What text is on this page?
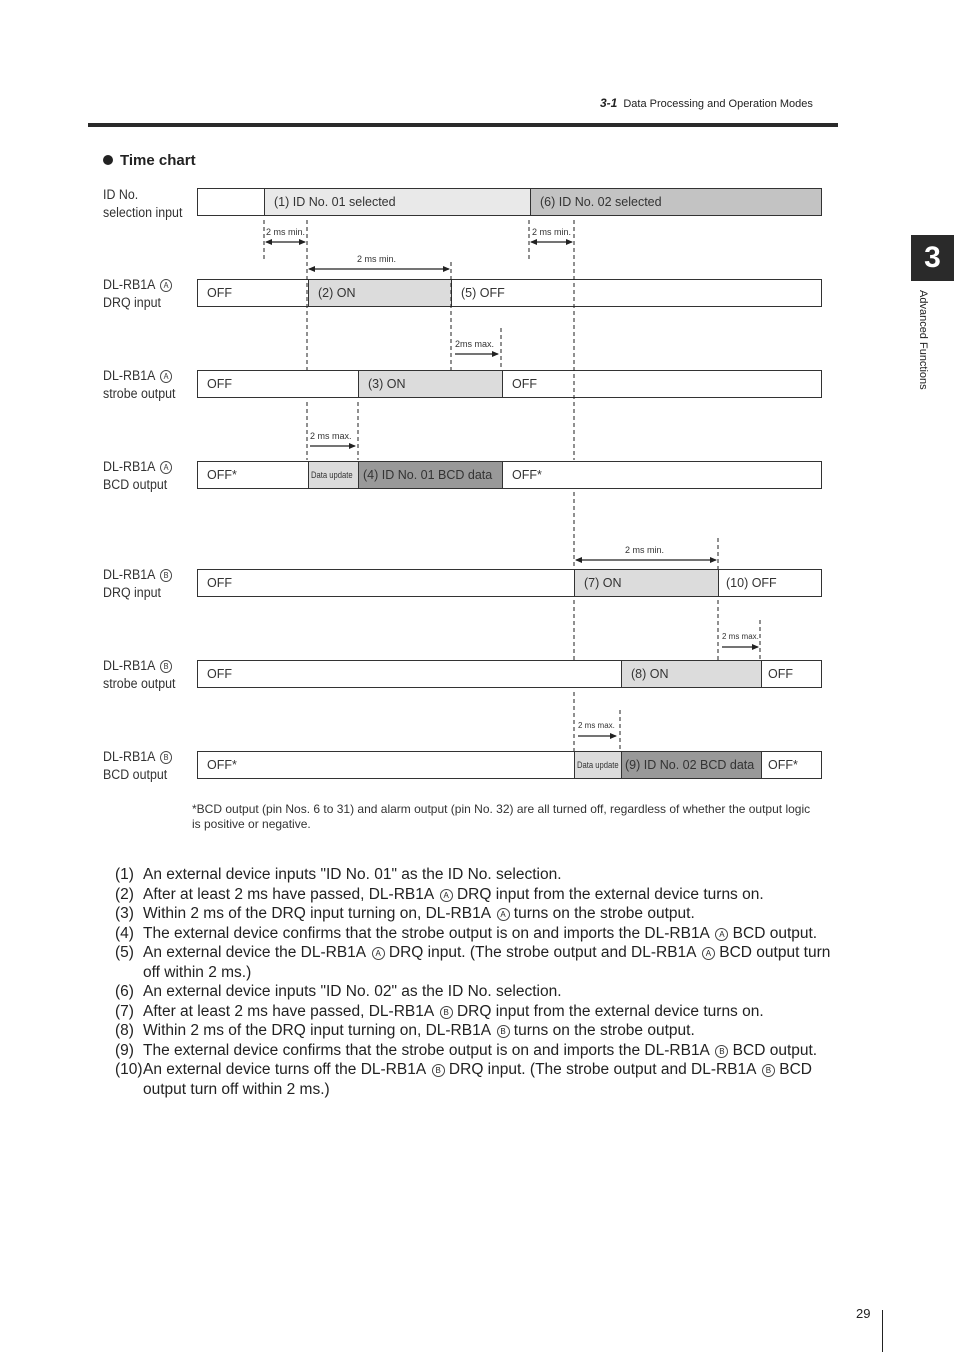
3-1 Data Processing and Operation Modes
3
Advanced Functions
Time chart
ID No.
selection input
DL-RB1A A
DRQ input
DL-RB1A A
strobe output
DL-RB1A A
BCD output
DL-RB1A B
DRQ input
DL-RB1A B
strobe output
DL-RB1A B
BCD output
(1) ID No. 01 selected	(6) ID No. 02 selected
OFF	(2) ON	(5) OFF
OFF	(3) ON	OFF
OFF*	Data update (4) ID No. 01 BCD data	OFF*
OFF	(7) ON	(10) OFF
OFF	(8) ON	OFF
OFF*	Data update (9) ID No. 02 BCD data	OFF*
2 ms min.
2 ms min.
2 ms min.
2ms max.
2 ms max.
2 ms min.
2 ms max.
2 ms max.
*BCD output (pin Nos. 6 to 31) and alarm output (pin No. 32) are all turned off, regardless of whether the output logic is positive or negative.
(1) An external device inputs "ID No. 01" as the ID No. selection.
(2) After at least 2 ms have passed, DL-RB1A A DRQ input from the external device turns on.
(3) Within 2 ms of the DRQ input turning on, DL-RB1A A turns on the strobe output.
(4) The external device confirms that the strobe output is on and imports the DL-RB1A A BCD output.
(5) An external device the DL-RB1A A DRQ input. (The strobe output and DL-RB1A A BCD output turn off within 2 ms.)
(6) An external device inputs "ID No. 02" as the ID No. selection.
(7) After at least 2 ms have passed, DL-RB1A B DRQ input from the external device turns on.
(8) Within 2 ms of the DRQ input turning on, DL-RB1A B turns on the strobe output.
(9) The external device confirms that the strobe output is on and imports the DL-RB1A B BCD output.
(10) An external device turns off the DL-RB1A B DRQ input. (The strobe output and DL-RB1A B BCD output turn off within 2 ms.)
29
